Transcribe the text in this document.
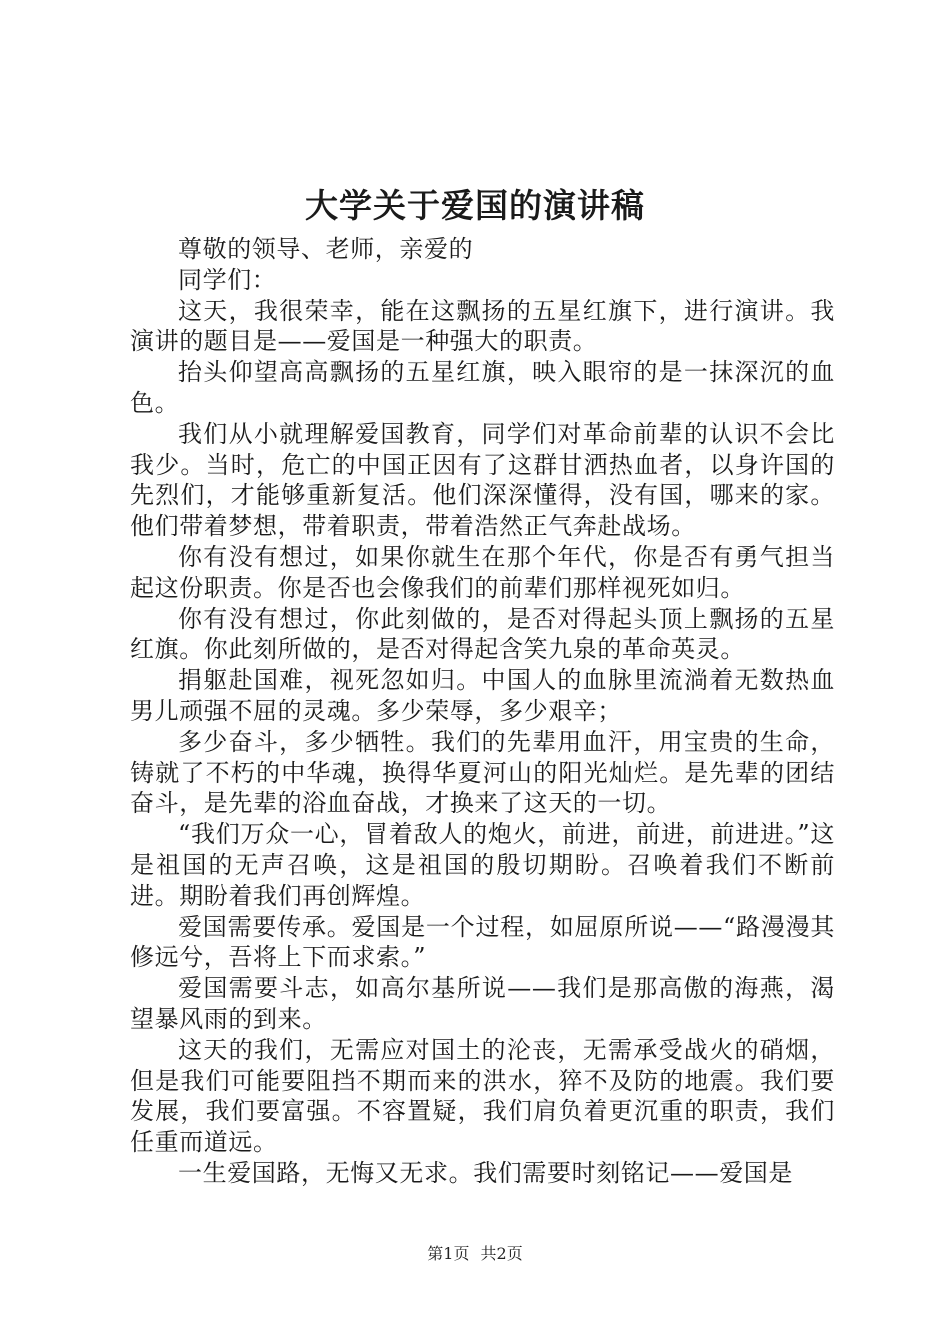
大学关于爱国的演讲稿

尊敬的领导、老师，亲爱的

同学们：

这天，我很荣幸，能在这飘扬的五星红旗下，进行演讲。我演讲的题目是——爱国是一种强大的职责。

抬头仰望高高飘扬的五星红旗，映入眼帘的是一抹深沉的血色。

我们从小就理解爱国教育，同学们对革命前辈的认识不会比我少。当时，危亡的中国正因有了这群甘洒热血者，以身许国的先烈们，才能够重新复活。他们深深懂得，没有国，哪来的家。他们带着梦想，带着职责，带着浩然正气奔赴战场。

你有没有想过，如果你就生在那个年代，你是否有勇气担当起这份职责。你是否也会像我们的前辈们那样视死如归。

你有没有想过，你此刻做的，是否对得起头顶上飘扬的五星红旗。你此刻所做的，是否对得起含笑九泉的革命英灵。

捐躯赴国难，视死忽如归。中国人的血脉里流淌着无数热血男儿顽强不屈的灵魂。多少荣辱，多少艰辛；

多少奋斗，多少牺牲。我们的先辈用血汗，用宝贵的生命，铸就了不朽的中华魂，换得华夏河山的阳光灿烂。是先辈的团结奋斗，是先辈的浴血奋战，才换来了这天的一切。

“我们万众一心，冒着敌人的炮火，前进，前进，前进进。”这是祖国的无声召唤，这是祖国的殷切期盼。召唤着我们不断前进。期盼着我们再创辉煌。

爱国需要传承。爱国是一个过程，如屈原所说——“路漫漫其修远兮，吾将上下而求索。”

爱国需要斗志，如高尔基所说——我们是那高傲的海燕，渴望暴风雨的到来。

这天的我们，无需应对国土的沦丧，无需承受战火的硝烟，但是我们可能要阻挡不期而来的洪水，猝不及防的地震。我们要发展，我们要富强。不容置疑，我们肩负着更沉重的职责，我们任重而道远。

一生爱国路，无悔又无求。我们需要时刻铭记——爱国是

第1页 共2页
